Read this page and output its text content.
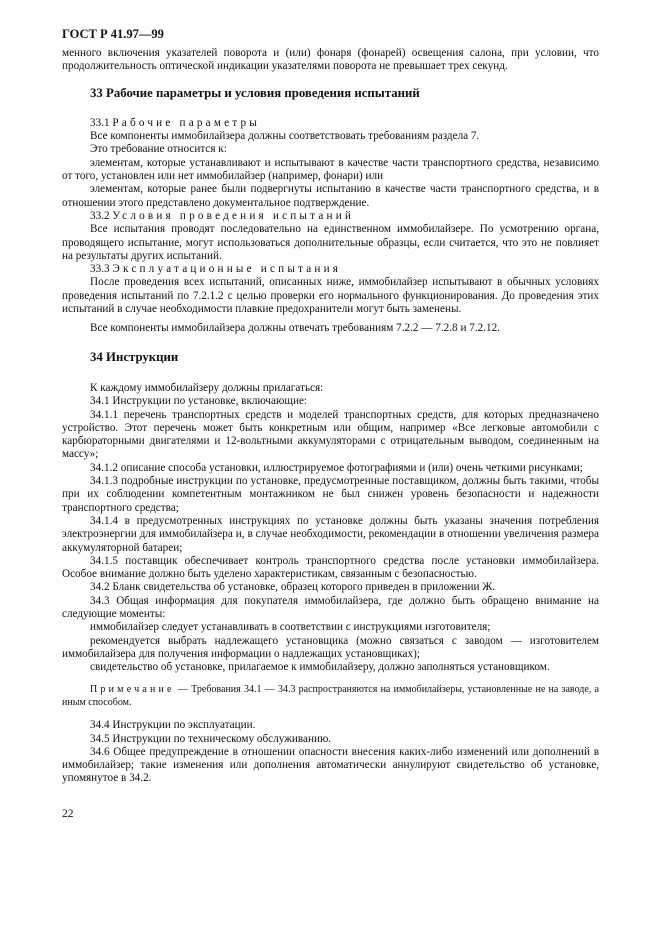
ГОСТ Р 41.97—99

менного включения указателей поворота и (или) фонаря (фонарей) освещения салона, при условии, что продолжительность оптической индикации указателями поворота не превышает трех секунд.

33 Рабочие параметры и условия проведения испытаний

33.1 Рабочие параметры

Все компоненты иммобилайзера должны соответствовать требованиям раздела 7.

Это требование относится к:

элементам, которые устанавливают и испытывают в качестве части транспортного средства, независимо от того, установлен или нет иммобилайзер (например, фонари) или

элементам, которые ранее были подвергнуты испытанию в качестве части транспортного средства, и в отношении этого представлено документальное подтверждение.

33.2 Условия проведения испытаний

Все испытания проводят последовательно на единственном иммобилайзере. По усмотрению органа, проводящего испытание, могут использоваться дополнительные образцы, если считается, что это не повлияет на результаты других испытаний.

33.3 Эксплуатационные испытания

После проведения всех испытаний, описанных ниже, иммобилайзер испытывают в обычных условиях проведения испытаний по 7.2.1.2 с целью проверки его нормального функционирования. До проведения этих испытаний в случае необходимости плавкие предохранители могут быть заменены.

Все компоненты иммобилайзера должны отвечать требованиям 7.2.2 — 7.2.8 и 7.2.12.

34 Инструкции

К каждому иммобилайзеру должны прилагаться:

34.1 Инструкции по установке, включающие:

34.1.1 перечень транспортных средств и моделей транспортных средств, для которых предназначено устройство. Этот перечень может быть конкретным или общим, например «Все легковые автомобили с карбюраторными двигателями и 12-вольтными аккумуляторами с отрицательным выводом, соединенным на массу»;

34.1.2 описание способа установки, иллюстрируемое фотографиями и (или) очень четкими рисунками;

34.1.3 подробные инструкции по установке, предусмотренные поставщиком, должны быть такими, чтобы при их соблюдении компетентным монтажником не был снижен уровень безопасности и надежности транспортного средства;

34.1.4 в предусмотренных инструкциях по установке должны быть указаны значения потребления электроэнергии для иммобилайзера и, в случае необходимости, рекомендации в отношении увеличения размера аккумуляторной батареи;

34.1.5 поставщик обеспечивает контроль транспортного средства после установки иммобилайзера. Особое внимание должно быть уделено характеристикам, связанным с безопасностью.

34.2 Бланк свидетельства об установке, образец которого приведен в приложении Ж.

34.3 Общая информация для покупателя иммобилайзера, где должно быть обращено внимание на следующие моменты:

иммобилайзер следует устанавливать в соответствии с инструкциями изготовителя;

рекомендуется выбрать надлежащего установщика (можно связаться с заводом — изготовителем иммобилайзера для получения информации о надлежащих установщиках);

свидетельство об установке, прилагаемое к иммобилайзеру, должно заполняться установщиком.

Примечание — Требования 34.1 — 34.3 распространяются на иммобилайзеры, установленные не на заводе, а иным способом.

34.4 Инструкции по эксплуатации.

34.5 Инструкции по техническому обслуживанию.

34.6 Общее предупреждение в отношении опасности внесения каких-либо изменений или дополнений в иммобилайзер; такие изменения или дополнения автоматически аннулируют свидетельство об установке, упомянутое в 34.2.

22
